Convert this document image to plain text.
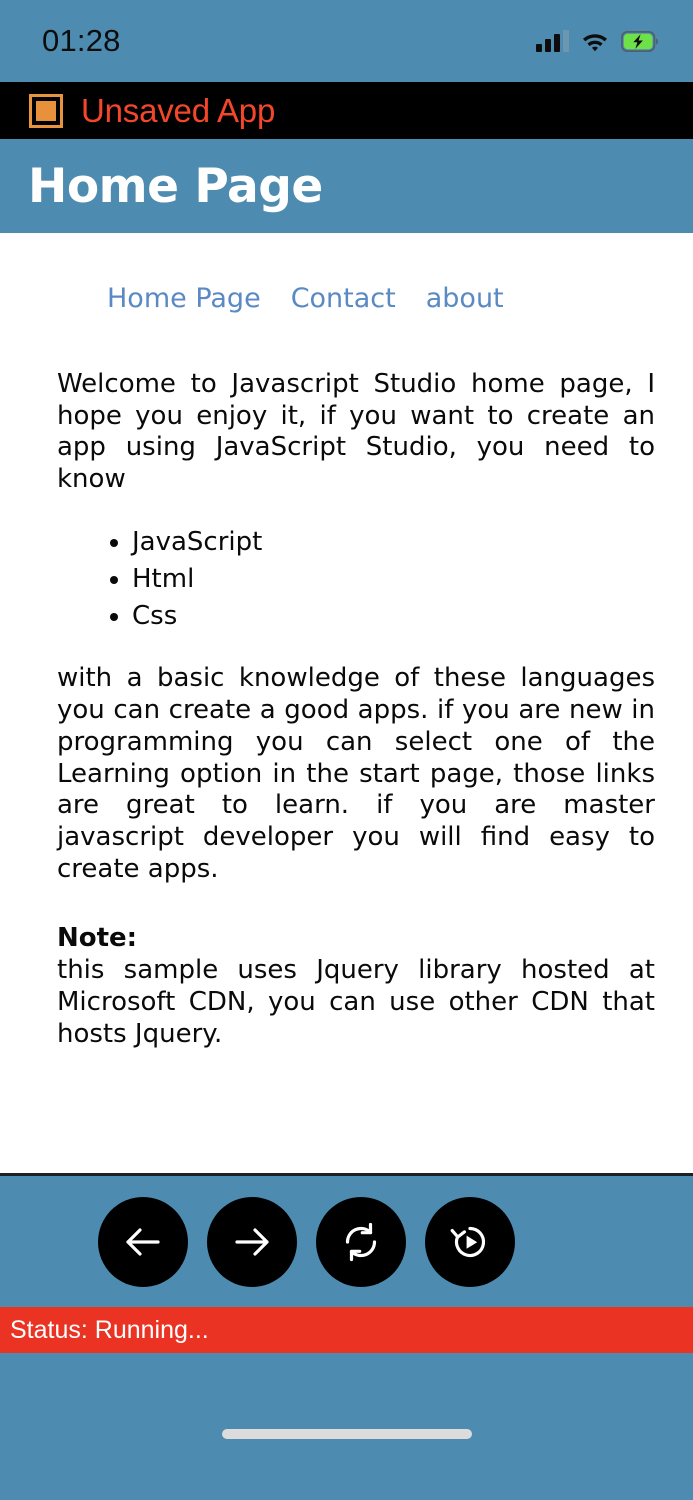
01:28
Unsaved App
Home Page
Home Page Contact about

Welcome to Javascript Studio home page, I hope you enjoy it, if you want to create an app using JavaScript Studio, you need to know

• JavaScript
• Html
• Css

with a basic knowledge of these languages you can create a good apps. if you are new in programming you can select one of the Learning option in the start page, those links are great to learn. if you are master javascript developer you will find easy to create apps.

Note:

this sample uses Jquery library hosted at Microsoft CDN, you can use other CDN that hosts Jquery.

Status: Running...
